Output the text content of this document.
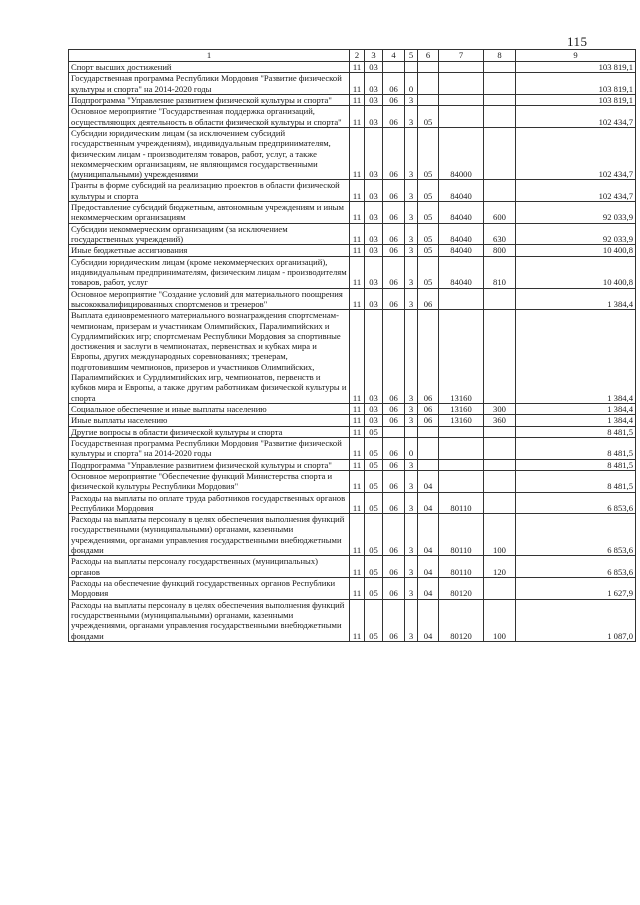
115
1	2	3	4	5	6	7	8	9
Спорт высших достижений	11	03						103 819,1
Государственная программа Республики Мордовия "Развитие физической культуры и спорта" на 2014-2020 годы	11	03	06	0				103 819,1
Подпрограмма "Управление развитием физической культуры и спорта"	11	03	06	3				103 819,1
Основное мероприятие "Государственная поддержка организаций, осуществляющих деятельность в области физической культуры и спорта"	11	03	06	3	05			102 434,7
Субсидии юридическим лицам (за исключением субсидий государственным учреждениям), индивидуальным предпринимателям, физическим лицам - производителям товаров, работ, услуг, а также некоммерческим организациям, не являющимся государственными (муниципальными) учреждениями	11	03	06	3	05	84000		102 434,7
Гранты в форме субсидий на реализацию проектов в области физической культуры и спорта	11	03	06	3	05	84040		102 434,7
Предоставление субсидий бюджетным, автономным учреждениям и иным некоммерческим организациям	11	03	06	3	05	84040	600	92 033,9
Субсидии некоммерческим организациям (за исключением государственных учреждений)	11	03	06	3	05	84040	630	92 033,9
Иные бюджетные ассигнования	11	03	06	3	05	84040	800	10 400,8
Субсидии юридическим лицам (кроме некоммерческих организаций), индивидуальным предпринимателям, физическим лицам - производителям товаров, работ, услуг	11	03	06	3	05	84040	810	10 400,8
Основное мероприятие "Создание условий для материального поощрения высококвалифицированных спортсменов и тренеров"	11	03	06	3	06			1 384,4
Выплата единовременного материального вознаграждения спортсменам-чемпионам, призерам и участникам Олимпийских, Паралимпийских и Сурдлимпийских игр; спортсменам Республики Мордовия за спортивные достижения и заслуги в чемпионатах, первенствах и кубках мира и Европы, других международных соревнованиях; тренерам, подготовившим чемпионов, призеров и участников Олимпийских, Паралимпийских и Сурдлимпийских игр, чемпионатов, первенств и кубков мира и Европы, а также другим работникам физической культуры и спорта	11	03	06	3	06	13160		1 384,4
Социальное обеспечение и иные выплаты населению	11	03	06	3	06	13160	300	1 384,4
Иные выплаты населению	11	03	06	3	06	13160	360	1 384,4
Другие вопросы в области физической культуры и спорта	11	05						8 481,5
Государственная программа Республики Мордовия "Развитие физической культуры и спорта" на 2014-2020 годы	11	05	06	0				8 481,5
Подпрограмма "Управление развитием физической культуры и спорта"	11	05	06	3				8 481,5
Основное мероприятие "Обеспечение функций Министерства спорта и физической культуры Республики Мордовия"	11	05	06	3	04			8 481,5
Расходы на выплаты по оплате труда работников государственных органов Республики Мордовия	11	05	06	3	04	80110		6 853,6
Расходы на выплаты персоналу в целях обеспечения выполнения функций государственными (муниципальными) органами, казенными учреждениями, органами управления государственными внебюджетными фондами	11	05	06	3	04	80110	100	6 853,6
Расходы на выплаты персоналу государственных (муниципальных) органов	11	05	06	3	04	80110	120	6 853,6
Расходы на обеспечение функций государственных органов Республики Мордовия	11	05	06	3	04	80120		1 627,9
Расходы на выплаты персоналу в целях обеспечения выполнения функций государственными (муниципальными) органами, казенными учреждениями, органами управления государственными внебюджетными фондами	11	05	06	3	04	80120	100	1 087,0
